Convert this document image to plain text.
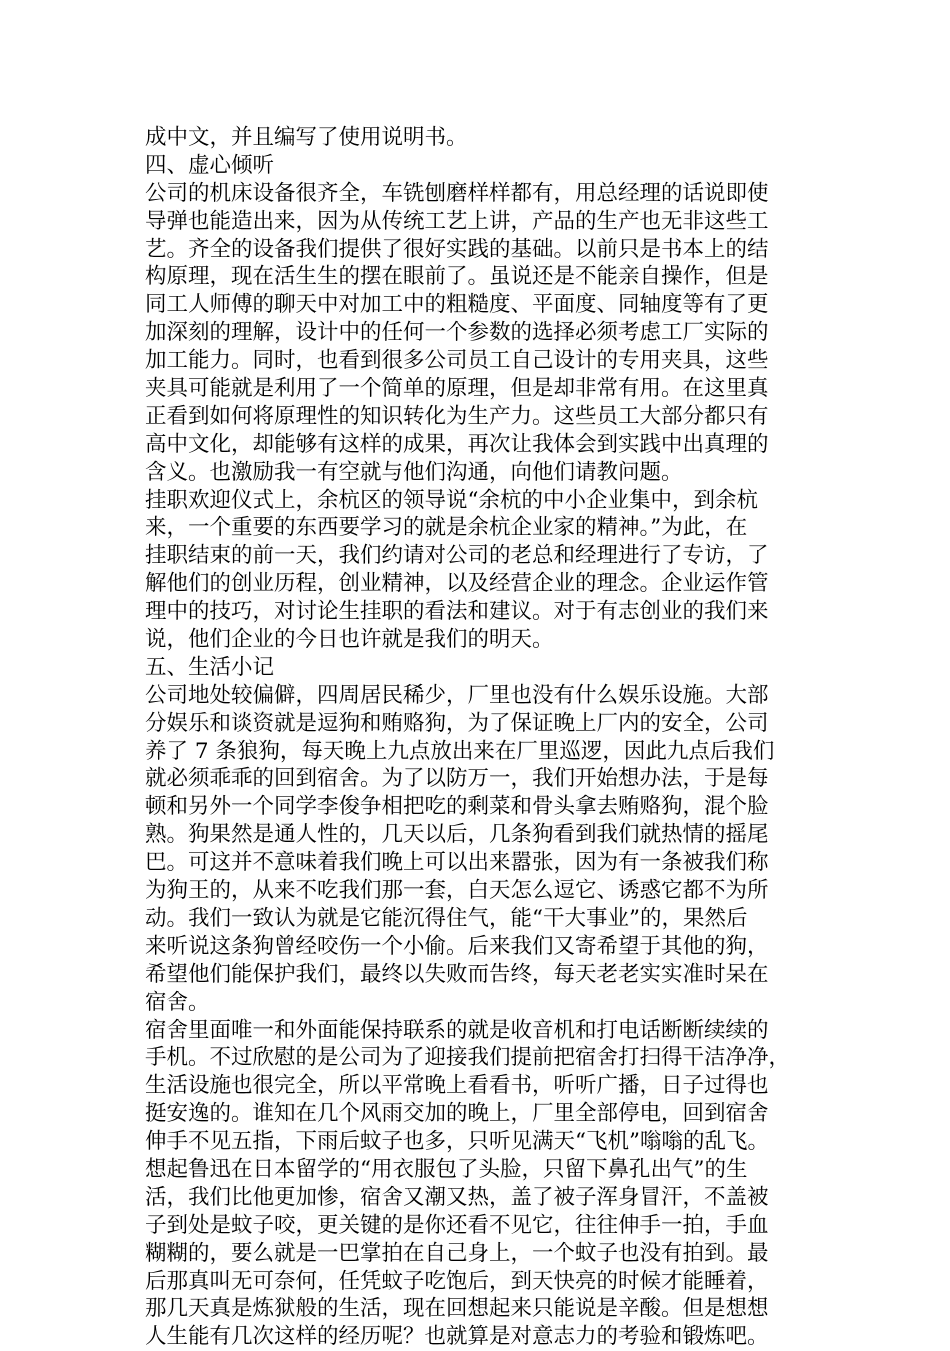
成中文，并且编写了使用说明书。
四、虚心倾听
公司的机床设备很齐全，车铣刨磨样样都有，用总经理的话说即使
导弹也能造出来，因为从传统工艺上讲，产品的生产也无非这些工
艺。齐全的设备我们提供了很好实践的基础。以前只是书本上的结
构原理，现在活生生的摆在眼前了。虽说还是不能亲自操作，但是
同工人师傅的聊天中对加工中的粗糙度、平面度、同轴度等有了更
加深刻的理解，设计中的任何一个参数的选择必须考虑工厂实际的
加工能力。同时，也看到很多公司员工自己设计的专用夹具，这些
夹具可能就是利用了一个简单的原理，但是却非常有用。在这里真
正看到如何将原理性的知识转化为生产力。这些员工大部分都只有
高中文化，却能够有这样的成果，再次让我体会到实践中出真理的
含义。也激励我一有空就与他们沟通，向他们请教问题。
挂职欢迎仪式上，余杭区的领导说“余杭的中小企业集中，到余杭
来，一个重要的东西要学习的就是余杭企业家的精神。”为此，在
挂职结束的前一天，我们约请对公司的老总和经理进行了专访，了
解他们的创业历程，创业精神，以及经营企业的理念。企业运作管
理中的技巧，对讨论生挂职的看法和建议。对于有志创业的我们来
说，他们企业的今日也许就是我们的明天。
五、生活小记
公司地处较偏僻，四周居民稀少，厂里也没有什么娱乐设施。大部
分娱乐和谈资就是逗狗和贿赂狗，为了保证晚上厂内的安全，公司
养了 7 条狼狗，每天晚上九点放出来在厂里巡逻，因此九点后我们
就必须乖乖的回到宿舍。为了以防万一，我们开始想办法，于是每
顿和另外一个同学李俊争相把吃的剩菜和骨头拿去贿赂狗，混个脸
熟。狗果然是通人性的，几天以后，几条狗看到我们就热情的摇尾
巴。可这并不意味着我们晚上可以出来嚣张，因为有一条被我们称
为狗王的，从来不吃我们那一套，白天怎么逗它、诱惑它都不为所
动。我们一致认为就是它能沉得住气，能“干大事业”的，果然后
来听说这条狗曾经咬伤一个小偷。后来我们又寄希望于其他的狗，
希望他们能保护我们，最终以失败而告终，每天老老实实准时呆在
宿舍。
宿舍里面唯一和外面能保持联系的就是收音机和打电话断断续续的
手机。不过欣慰的是公司为了迎接我们提前把宿舍打扫得干洁净净，
生活设施也很完全，所以平常晚上看看书，听听广播，日子过得也
挺安逸的。谁知在几个风雨交加的晚上，厂里全部停电，回到宿舍
伸手不见五指，下雨后蚊子也多，只听见满天“飞机”嗡嗡的乱飞。
想起鲁迅在日本留学的“用衣服包了头脸，只留下鼻孔出气”的生
活，我们比他更加惨，宿舍又潮又热，盖了被子浑身冒汗，不盖被
子到处是蚊子咬，更关键的是你还看不见它，往往伸手一拍，手血
糊糊的，要么就是一巴掌拍在自己身上，一个蚊子也没有拍到。最
后那真叫无可奈何，任凭蚊子吃饱后，到天快亮的时候才能睡着，
那几天真是炼狱般的生活，现在回想起来只能说是辛酸。但是想想
人生能有几次这样的经历呢？也就算是对意志力的考验和锻炼吧。
